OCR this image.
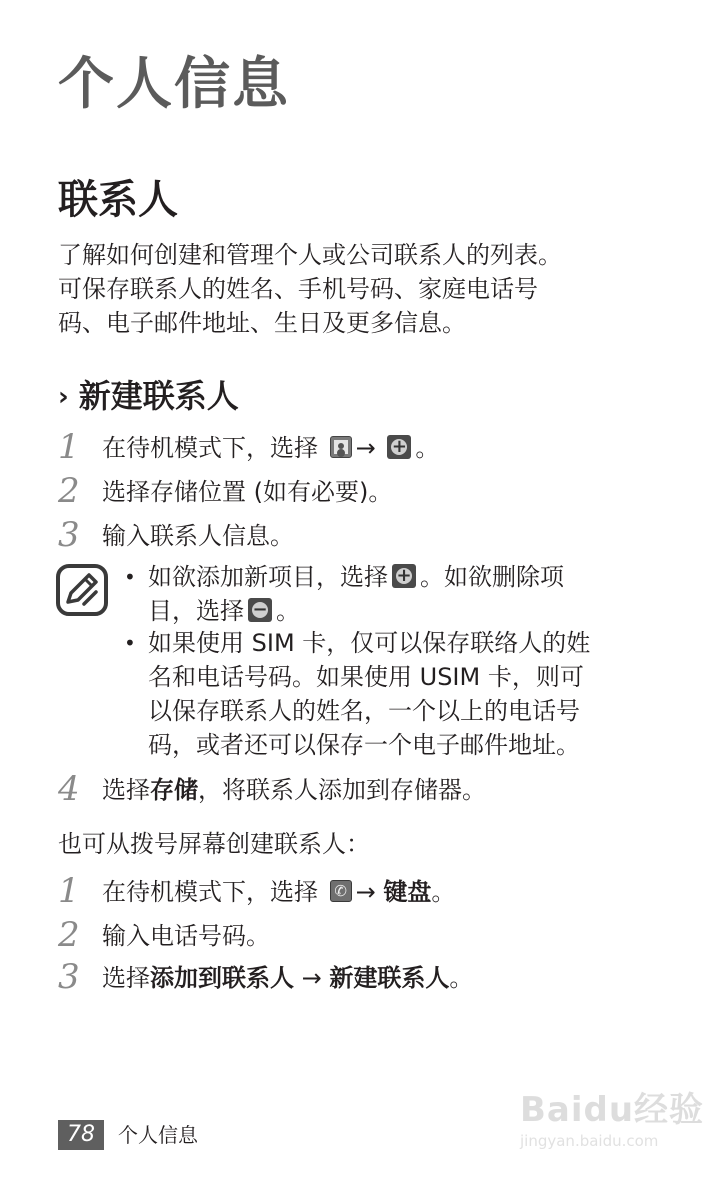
个人信息
联系人
了解如何创建和管理个人或公司联系人的列表。
可保存联系人的姓名、手机号码、家庭电话号
码、电子邮件地址、生日及更多信息。
› 新建联系人
1 在待机模式下，选择 → + 。
2 选择存储位置 (如有必要)。
3 输入联系人信息。
• 如欲添加新项目，选择 + 。如欲删除项
目，选择 − 。
• 如果使用 SIM 卡，仅可以保存联络人的姓
名和电话号码。如果使用 USIM 卡，则可
以保存联系人的姓名，一个以上的电话号
码，或者还可以保存一个电子邮件地址。
4 选择存储，将联系人添加到存储器。
也可从拨号屏幕创建联系人：
1 在待机模式下，选择 ✆ → 键盘。
2 输入电话号码。
3 选择添加到联系人 → 新建联系人。
78	个人信息
Baidu经验
jingyan.baidu.com
